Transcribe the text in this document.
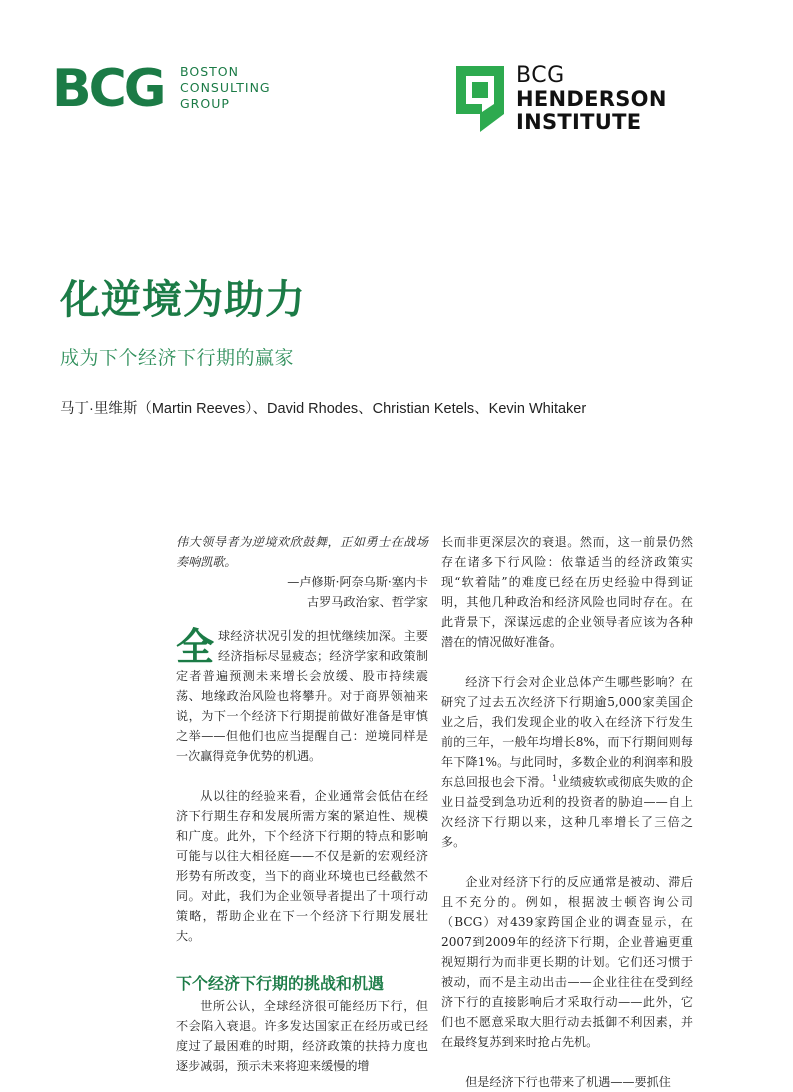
BCG BOSTON
CONSULTING
GROUP
BCG
HENDERSON
INSTITUTE
化逆境为助力
成为下个经济下行期的赢家
马丁·里维斯（Martin Reeves）、David Rhodes、Christian Ketels、Kevin Whitaker

伟大领导者为逆境欢欣鼓舞，正如勇士在战场奏响凯歌。

—卢修斯·阿奈乌斯·塞内卡

古罗马政治家、哲学家

全球经济状况引发的担忧继续加深。主要经济指标尽显疲态；经济学家和政策制定者普遍预测未来增长会放缓、股市持续震荡、地缘政治风险也将攀升。对于商界领袖来说，为下一个经济下行期提前做好准备是审慎之举——但他们也应当提醒自己：逆境同样是一次赢得竞争优势的机遇。

从以往的经验来看，企业通常会低估在经济下行期生存和发展所需方案的紧迫性、规模和广度。此外，下个经济下行期的特点和影响可能与以往大相径庭——不仅是新的宏观经济形势有所改变，当下的商业环境也已经截然不同。对此，我们为企业领导者提出了十项行动策略，帮助企业在下一个经济下行期发展壮大。

下个经济下行期的挑战和机遇

世所公认，全球经济很可能经历下行，但不会陷入衰退。许多发达国家正在经历或已经度过了最困难的时期，经济政策的扶持力度也逐步减弱，预示未来将迎来缓慢的增

长而非更深层次的衰退。然而，这一前景仍然存在诸多下行风险：依靠适当的经济政策实现“软着陆”的难度已经在历史经验中得到证明，其他几种政治和经济风险也同时存在。在此背景下，深谋远虑的企业领导者应该为各种潜在的情况做好准备。

经济下行会对企业总体产生哪些影响？在研究了过去五次经济下行期逾5,000家美国企业之后，我们发现企业的收入在经济下行发生前的三年，一般年均增长8%，而下行期间则每年下降1%。与此同时，多数企业的利润率和股东总回报也会下滑。$^1$业绩疲软或彻底失败的企业日益受到急功近利的投资者的胁迫——自上次经济下行期以来，这种几率增长了三倍之多。

企业对经济下行的反应通常是被动、滞后且不充分的。例如，根据波士顿咨询公司（BCG）对439家跨国企业的调查显示，在2007到2009年的经济下行期，企业普遍更重视短期行为而非更长期的计划。它们还习惯于被动，而不是主动出击——企业往往在受到经济下行的直接影响后才采取行动——此外，它们也不愿意采取大胆行动去抵御不利因素，并在最终复苏到来时抢占先机。

但是经济下行也带来了机遇——要抓住
